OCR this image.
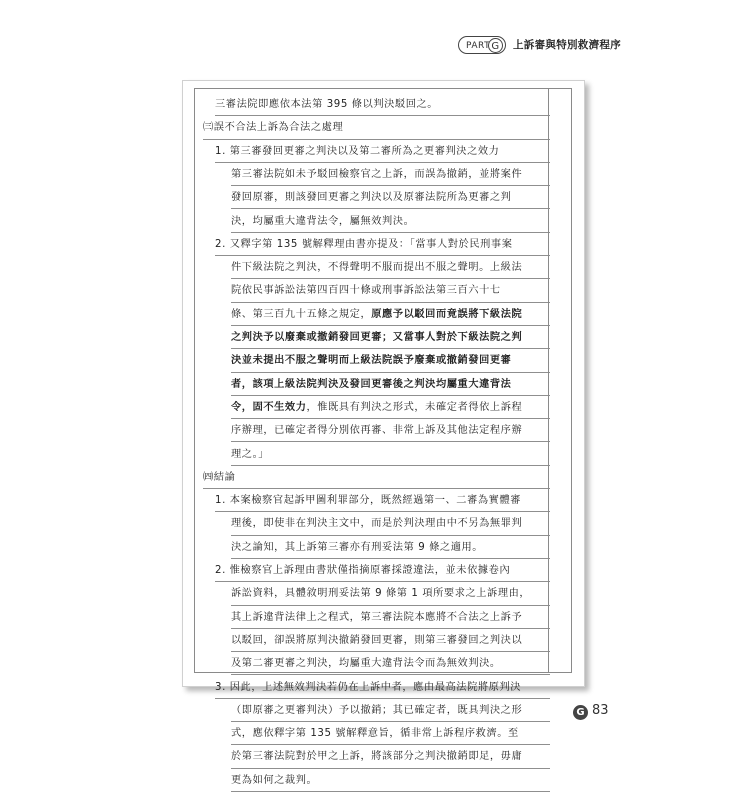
PART G	上訴審與特別救濟程序
三審法院即應依本法第 395 條以判決駁回之。
㈢誤不合法上訴為合法之處理
1. 第三審發回更審之判決以及第二審所為之更審判決之效力
第三審法院如未予駁回檢察官之上訴，而誤為撤銷，並將案件
發回原審，則該發回更審之判決以及原審法院所為更審之判
決，均屬重大違背法令，屬無效判決。
2. 又釋字第 135 號解釋理由書亦提及：「當事人對於民刑事案
件下級法院之判決，不得聲明不服而提出不服之聲明。上級法
院依民事訴訟法第四百四十條或刑事訴訟法第三百六十七
條、第三百九十五條之規定，原應予以駁回而竟誤將下級法院
之判決予以廢棄或撤銷發回更審；又當事人對於下級法院之判
決並未提出不服之聲明而上級法院誤予廢棄或撤銷發回更審
者，該項上級法院判決及發回更審後之判決均屬重大違背法
令，固不生效力，惟既具有判決之形式，未確定者得依上訴程
序辦理，已確定者得分別依再審、非常上訴及其他法定程序辦
理之。」
㈣結論
1. 本案檢察官起訴甲圖利罪部分，既然經過第一、二審為實體審
理後，即使非在判決主文中，而是於判決理由中不另為無罪判
決之論知，其上訴第三審亦有刑妥法第 9 條之適用。
2. 惟檢察官上訴理由書狀僅指摘原審採證違法，並未依據卷內
訴訟資料，具體敘明刑妥法第 9 條第 1 項所要求之上訴理由，
其上訴違背法律上之程式，第三審法院本應將不合法之上訴予
以駁回，卻誤將原判決撤銷發回更審，則第三審發回之判決以
及第二審更審之判決，均屬重大違背法令而為無效判決。
3. 因此，上述無效判決若仍在上訴中者，應由最高法院將原判決
（即原審之更審判決）予以撤銷；其已確定者，既具判決之形
式，應依釋字第 135 號解釋意旨，循非常上訴程序救濟。至
於第三審法院對於甲之上訴，將該部分之判決撤銷即足，毋庸
更為如何之裁判。
G 83
